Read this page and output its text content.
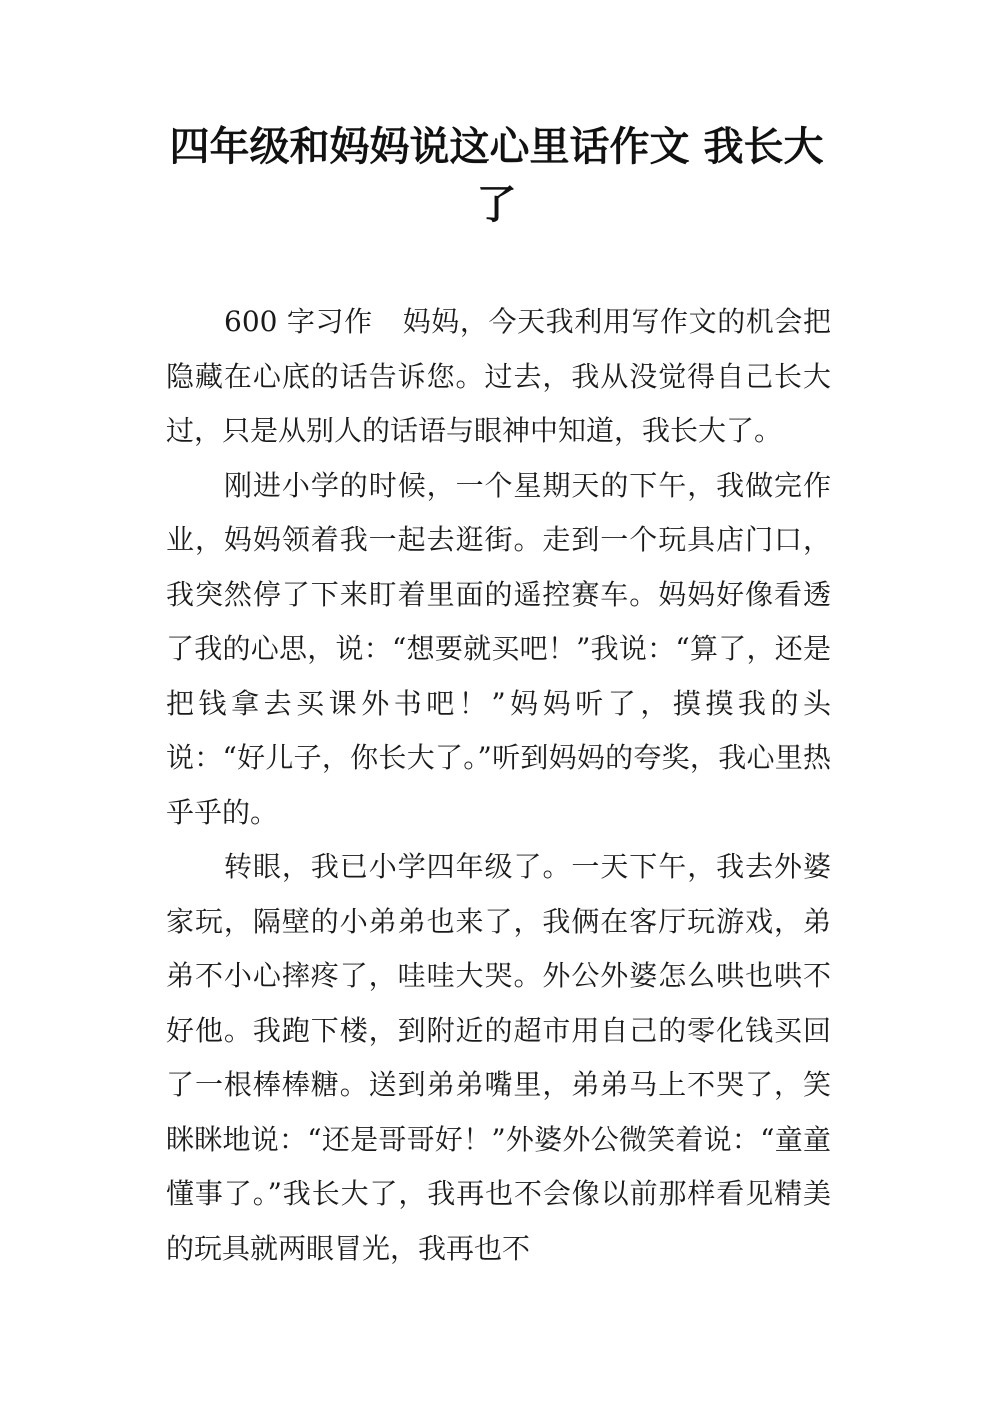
四年级和妈妈说这心里话作文 我长大了

600 字习作 妈妈，今天我利用写作文的机会把隐藏在心底的话告诉您。过去，我从没觉得自己长大过，只是从别人的话语与眼神中知道，我长大了。

刚进小学的时候，一个星期天的下午，我做完作业，妈妈领着我一起去逛街。走到一个玩具店门口，我突然停了下来盯着里面的遥控赛车。妈妈好像看透了我的心思，说：“想要就买吧！”我说：“算了，还是把钱拿去买课外书吧！”妈妈听了，摸摸我的头说：“好儿子，你长大了。”听到妈妈的夸奖，我心里热乎乎的。

转眼，我已小学四年级了。一天下午，我去外婆家玩，隔壁的小弟弟也来了，我俩在客厅玩游戏，弟弟不小心摔疼了，哇哇大哭。外公外婆怎么哄也哄不好他。我跑下楼，到附近的超市用自己的零化钱买回了一根棒棒糖。送到弟弟嘴里，弟弟马上不哭了，笑眯眯地说：“还是哥哥好！”外婆外公微笑着说：“童童懂事了。”我长大了，我再也不会像以前那样看见精美的玩具就两眼冒光，我再也不
